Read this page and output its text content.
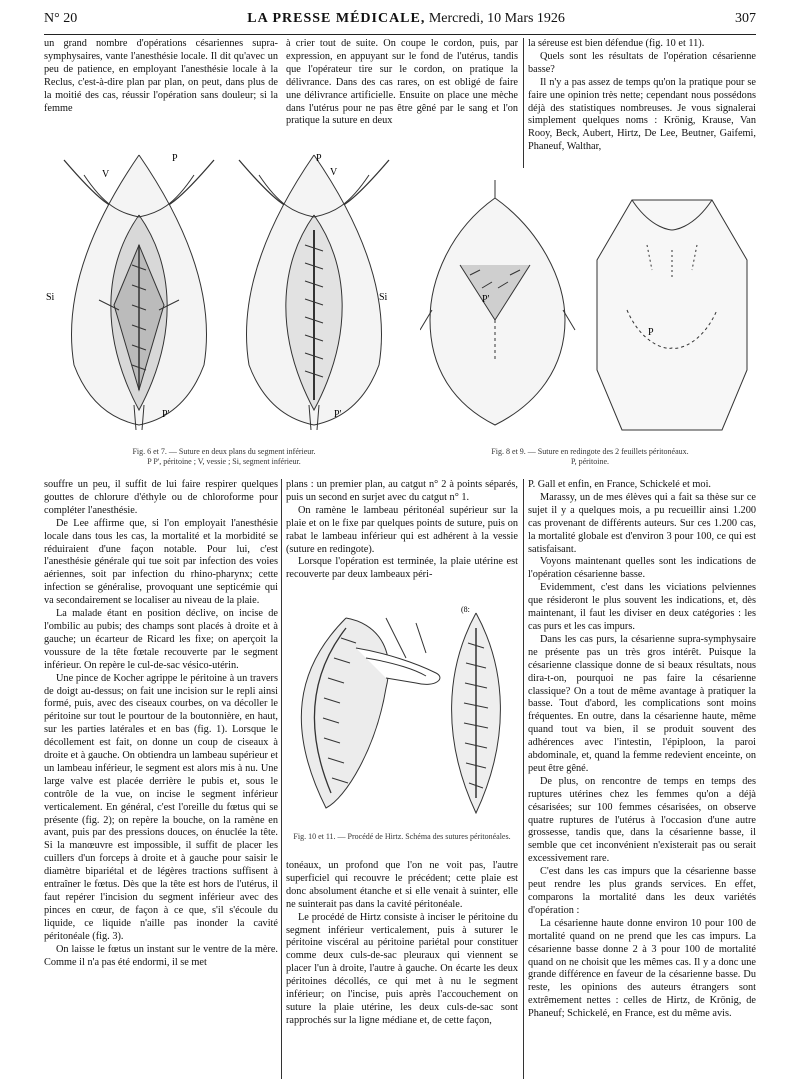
N° 20	LA PRESSE MÉDICALE, Mercredi, 10 Mars 1926	307

un grand nombre d'opérations césariennes supra-symphysaires, vante l'anesthésie locale. Il dit qu'avec un peu de patience, en employant l'anesthésie locale à la Reclus, c'est-à-dire plan par plan, on peut, dans plus de la moitié des cas, réussir l'opération sans douleur; si la femme

à crier tout de suite. On coupe le cordon, puis, par expression, en appuyant sur le fond de l'utérus, tandis que l'opérateur tire sur le cordon, on pratique la délivrance. Dans des cas rares, on est obligé de faire une délivrance artificielle. Ensuite on place une mèche dans l'utérus pour ne pas être gêné par le sang et l'on pratique la suture en deux

la séreuse est bien défendue (fig. 10 et 11).

Quels sont les résultats de l'opération césarienne basse?

Il n'y a pas assez de temps qu'on la pratique pour se faire une opinion très nette; cependant nous possédons déjà des statistiques nombreuses. Je vous signalerai simplement quelques noms : Krönig, Krause, Van Rooy, Beck, Aubert, Hirtz, De Lee, Beutner, Gaifemi, Phaneuf, Walthar,

V
P
Si
P'
P
V
Si
P'
Fig. 6 et 7. — Suture en deux plans du segment inférieur.
P P', péritoine ; V, vessie ; Si, segment inférieur.
P'
P
Fig. 8 et 9. — Suture en redingote des 2 feuillets péritonéaux.
P, péritoine.

souffre un peu, il suffit de lui faire respirer quelques gouttes de chlorure d'éthyle ou de chloroforme pour compléter l'anesthésie.

De Lee affirme que, si l'on employait l'anesthésie locale dans tous les cas, la mortalité et la morbidité se réduiraient d'une façon notable. Pour lui, c'est l'anesthésie générale qui tue soit par infection des voies aériennes, soit par infection du rhino-pharynx; cette infection se généralise, provoquant une septicémie qui va secondairement se localiser au niveau de la plaie.

La malade étant en position déclive, on incise de l'ombilic au pubis; des champs sont placés à droite et à gauche; un écarteur de Ricard les fixe; on aperçoit la voussure de la tête fœtale recouverte par le segment inférieur. On repère le cul-de-sac vésico-utérin.

Une pince de Kocher agrippe le péritoine à un travers de doigt au-dessus; on fait une incision sur le repli ainsi formé, puis, avec des ciseaux courbes, on va décoller le péritoine sur tout le pourtour de la boutonnière, en haut, sur les parties latérales et en bas (fig. 1). Lorsque le décollement est fait, on donne un coup de ciseaux à droite et à gauche. On obtiendra un lambeau supérieur et un lambeau inférieur, le segment est alors mis à nu. Une large valve est placée derrière le pubis et, sous le contrôle de la vue, on incise le segment inférieur verticalement. En général, c'est l'oreille du fœtus qui se présente (fig. 2); on repère la bouche, on la ramène en avant, puis par des pressions douces, on énuclée la tête. Si la manœuvre est impossible, il suffit de placer les cuillers d'un forceps à droite et à gauche pour saisir le diamètre bipariétal et de légères tractions suffisent à entraîner le fœtus. Dès que la tête est hors de l'utérus, il faut repérer l'incision du segment inférieur avec des pinces en cœur, de façon à ce que, s'il s'écoule du liquide, ce liquide n'aille pas inonder la cavité péritonéale (fig. 3).

On laisse le fœtus un instant sur le ventre de la mère. Comme il n'a pas été endormi, il se met

plans : un premier plan, au catgut n° 2 à points séparés, puis un second en surjet avec du catgut n° 1.

On ramène le lambeau péritonéal supérieur sur la plaie et on le fixe par quelques points de suture, puis on rabat le lambeau inférieur qui est adhérent à la vessie (suture en redingote).

Lorsque l'opération est terminée, la plaie utérine est recouverte par deux lambeaux péri-

(8:
Fig. 10 et 11. — Procédé de Hirtz. Schéma des sutures péritonéales.

tonéaux, un profond que l'on ne voit pas, l'autre superficiel qui recouvre le précédent; cette plaie est donc absolument étanche et si elle venait à suinter, elle ne suinterait pas dans la cavité péritonéale.

Le procédé de Hirtz consiste à inciser le péritoine du segment inférieur verticalement, puis à suturer le péritoine viscéral au péritoine pariétal pour constituer comme deux culs-de-sac pleuraux qui viennent se placer l'un à droite, l'autre à gauche. On écarte les deux péritoines décollés, ce qui met à nu le segment inférieur; on l'incise, puis après l'accouchement on suture la plaie utérine, les deux culs-de-sac sont rapprochés sur la ligne médiane et, de cette façon,

P. Gall et enfin, en France, Schickelé et moi.

Marassy, un de mes élèves qui a fait sa thèse sur ce sujet il y a quelques mois, a pu recueillir ainsi 1.200 cas provenant de différents auteurs. Sur ces 1.200 cas, la mortalité globale est d'environ 3 pour 100, ce qui est satisfaisant.

Voyons maintenant quelles sont les indications de l'opération césarienne basse.

Evidemment, c'est dans les viciations pelviennes que résideront le plus souvent les indications, et, dès maintenant, il faut les diviser en deux catégories : les cas purs et les cas impurs.

Dans les cas purs, la césarienne supra-symphysaire ne présente pas un très gros intérêt. Puisque la césarienne classique donne de si beaux résultats, nous dira-t-on, pourquoi ne pas faire la césarienne classique? On a tout de même avantage à pratiquer la basse. Tout d'abord, les complications sont moins fréquentes. En outre, dans la césarienne haute, même quand tout va bien, il se produit souvent des adhérences avec l'intestin, l'épiploon, la paroi abdominale, et, quand la femme redevient enceinte, on peut être gêné.

De plus, on rencontre de temps en temps des ruptures utérines chez les femmes qu'on a déjà césarisées; sur 100 femmes césarisées, on observe quatre ruptures de l'utérus à l'occasion d'une autre grossesse, tandis que, dans la césarienne basse, il semble que cet inconvénient n'existerait pas ou serait excessivement rare.

C'est dans les cas impurs que la césarienne basse peut rendre les plus grands services. En effet, comparons la mortalité dans les deux variétés d'opération :

La césarienne haute donne environ 10 pour 100 de mortalité quand on ne prend que les cas impurs. La césarienne basse donne 2 à 3 pour 100 de mortalité quand on ne choisit que les mêmes cas. Il y a donc une grande différence en faveur de la césarienne basse. Du reste, les opinions des auteurs étrangers sont extrêmement nettes : celles de Hirtz, de Krönig, de Phaneuf; Schickelé, en France, est du même avis.
